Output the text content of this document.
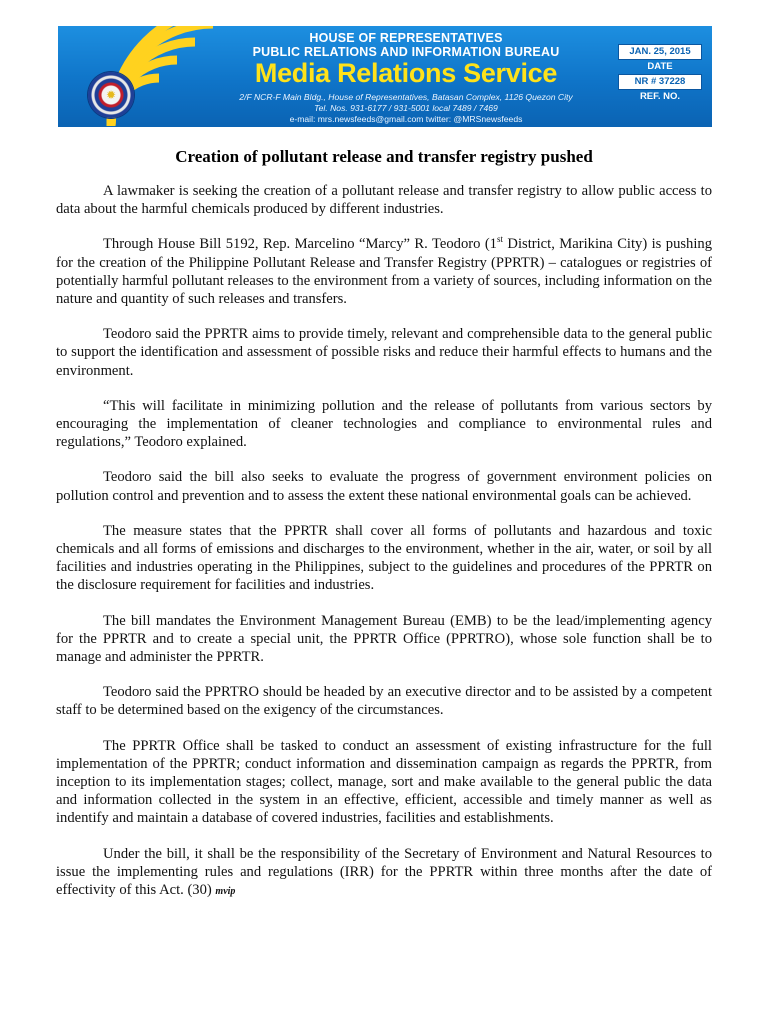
✹
HOUSE OF REPRESENTATIVES
PUBLIC RELATIONS AND INFORMATION BUREAU
Media Relations Service
2/F NCR-F Main Bldg., House of Representatives, Batasan Complex, 1126 Quezon City
Tel. Nos. 931-6177 / 931-5001 local 7489 / 7469
e-mail: mrs.newsfeeds@gmail.com twitter: @MRSnewsfeeds
JAN. 25, 2015
DATE
NR # 37228
REF. NO.
Creation of pollutant release and transfer registry pushed

A lawmaker is seeking the creation of a pollutant release and transfer registry to allow public access to data about the harmful chemicals produced by different industries.

Through House Bill 5192, Rep. Marcelino “Marcy” R. Teodoro (1st District, Marikina City) is pushing for the creation of the Philippine Pollutant Release and Transfer Registry (PPRTR) – catalogues or registries of potentially harmful pollutant releases to the environment from a variety of sources, including information on the nature and quantity of such releases and transfers.

Teodoro said the PPRTR aims to provide timely, relevant and comprehensible data to the general public to support the identification and assessment of possible risks and reduce their harmful effects to humans and the environment.

“This will facilitate in minimizing pollution and the release of pollutants from various sectors by encouraging the implementation of cleaner technologies and compliance to environmental rules and regulations,” Teodoro explained.

Teodoro said the bill also seeks to evaluate the progress of government environment policies on pollution control and prevention and to assess the extent these national environmental goals can be achieved.

The measure states that the PPRTR shall cover all forms of pollutants and hazardous and toxic chemicals and all forms of emissions and discharges to the environment, whether in the air, water, or soil by all facilities and industries operating in the Philippines, subject to the guidelines and procedures of the PPRTR on the disclosure requirement for facilities and industries.

The bill mandates the Environment Management Bureau (EMB) to be the lead/implementing agency for the PPRTR and to create a special unit, the PPRTR Office (PPRTRO), whose sole function shall be to manage and administer the PPRTR.

Teodoro said the PPRTRO should be headed by an executive director and to be assisted by a competent staff to be determined based on the exigency of the circumstances.

The PPRTR Office shall be tasked to conduct an assessment of existing infrastructure for the full implementation of the PPRTR; conduct information and dissemination campaign as regards the PPRTR, from inception to its implementation stages; collect, manage, sort and make available to the general public the data and information collected in the system in an effective, efficient, accessible and timely manner as well as indentify and maintain a database of covered industries, facilities and establishments.

Under the bill, it shall be the responsibility of the Secretary of Environment and Natural Resources to issue the implementing rules and regulations (IRR) for the PPRTR within three months after the date of effectivity of this Act. (30) mvip
